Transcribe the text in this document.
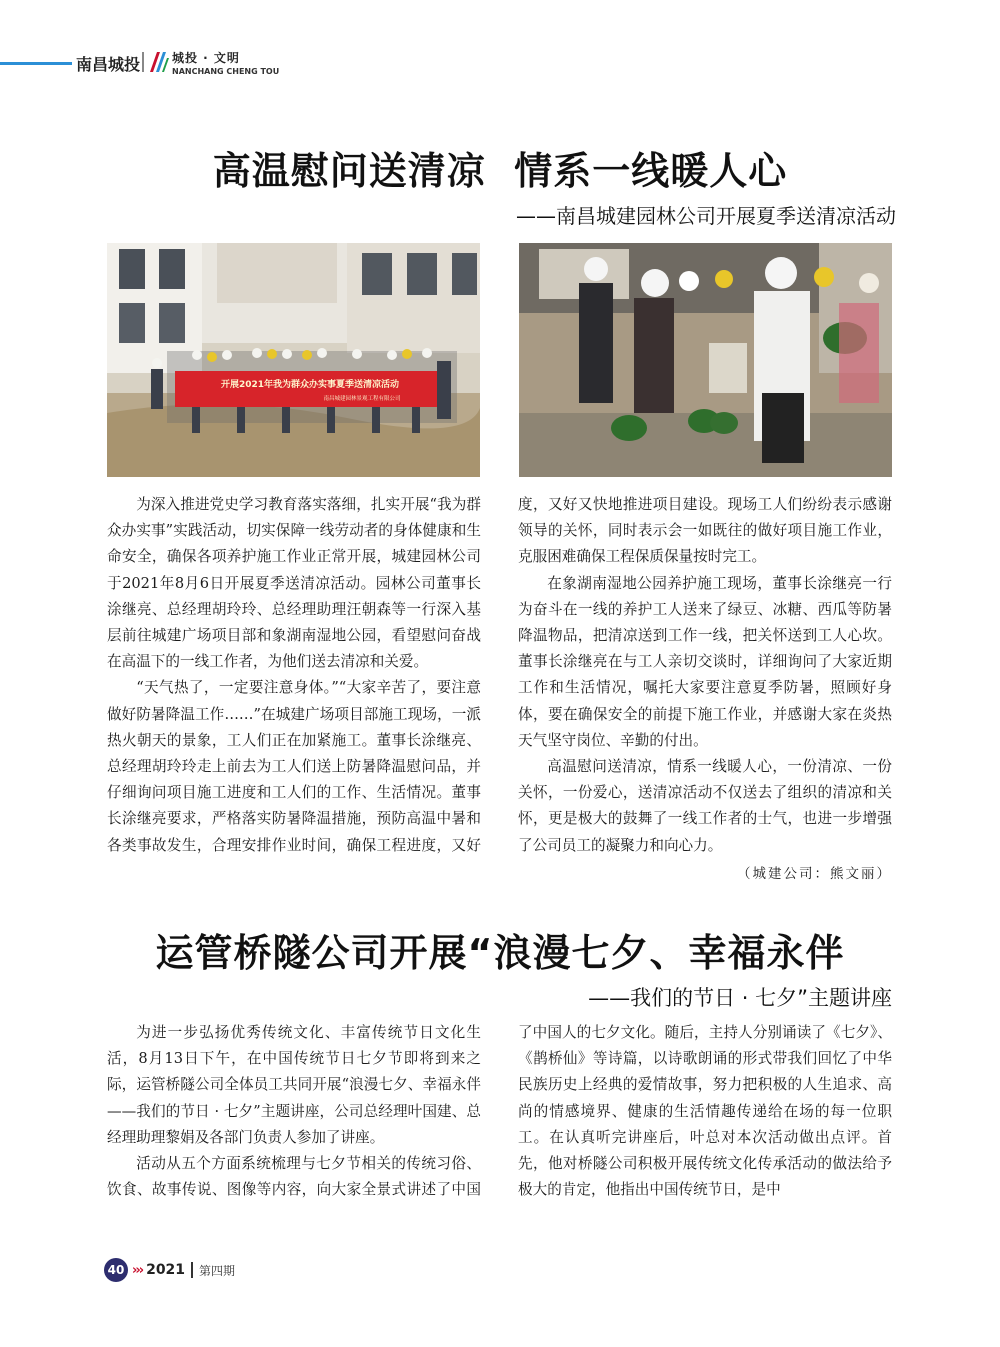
南昌城投	城投 · 文明
NANCHANG CHENG TOU
高温慰问送清凉  情系一线暖人心
——南昌城建园林公司开展夏季送清凉活动
开展2021年我为群众办实事夏季送清凉活动
南昌城建园林景观工程有限公司

为深入推进党史学习教育落实落细，扎实开展“我为群众办实事”实践活动，切实保障一线劳动者的身体健康和生命安全，确保各项养护施工作业正常开展，城建园林公司于2021年8月6日开展夏季送清凉活动。园林公司董事长涂继亮、总经理胡玲玲、总经理助理汪朝森等一行深入基层前往城建广场项目部和象湖南湿地公园，看望慰问奋战在高温下的一线工作者，为他们送去清凉和关爱。

“天气热了，一定要注意身体。”“大家辛苦了，要注意做好防暑降温工作……”在城建广场项目部施工现场，一派热火朝天的景象，工人们正在加紧施工。董事长涂继亮、总经理胡玲玲走上前去为工人们送上防暑降温慰问品，并仔细询问项目施工进度和工人们的工作、生活情况。董事长涂继亮要求，严格落实防暑降温措施，预防高温中暑和各类事故发生，合理安排作业时间，确保工程进度，又好

度，又好又快地推进项目建设。现场工人们纷纷表示感谢领导的关怀，同时表示会一如既往的做好项目施工作业，克服困难确保工程保质保量按时完工。

在象湖南湿地公园养护施工现场，董事长涂继亮一行为奋斗在一线的养护工人送来了绿豆、冰糖、西瓜等防暑降温物品，把清凉送到工作一线，把关怀送到工人心坎。董事长涂继亮在与工人亲切交谈时，详细询问了大家近期工作和生活情况，嘱托大家要注意夏季防暑，照顾好身体，要在确保安全的前提下施工作业，并感谢大家在炎热天气坚守岗位、辛勤的付出。

高温慰问送清凉，情系一线暖人心，一份清凉、一份关怀，一份爱心，送清凉活动不仅送去了组织的清凉和关怀，更是极大的鼓舞了一线工作者的士气，也进一步增强了公司员工的凝聚力和向心力。

（城建公司：熊文丽）

运管桥隧公司开展“浪漫七夕、幸福永伴
——我们的节日 · 七夕”主题讲座

为进一步弘扬优秀传统文化、丰富传统节日文化生活，8月13日下午，在中国传统节日七夕节即将到来之际，运管桥隧公司全体员工共同开展“浪漫七夕、幸福永伴——我们的节日 · 七夕”主题讲座，公司总经理叶国建、总经理助理黎娟及各部门负责人参加了讲座。

活动从五个方面系统梳理与七夕节相关的传统习俗、饮食、故事传说、图像等内容，向大家全景式讲述了中国

了中国人的七夕文化。随后，主持人分别诵读了《七夕》、《鹊桥仙》等诗篇，以诗歌朗诵的形式带我们回忆了中华民族历史上经典的爱情故事，努力把积极的人生追求、高尚的情感境界、健康的生活情趣传递给在场的每一位职工。在认真听完讲座后，叶总对本次活动做出点评。首先，他对桥隧公司积极开展传统文化传承活动的做法给予极大的肯定，他指出中国传统节日，是中

40 ››› 2021 第四期
